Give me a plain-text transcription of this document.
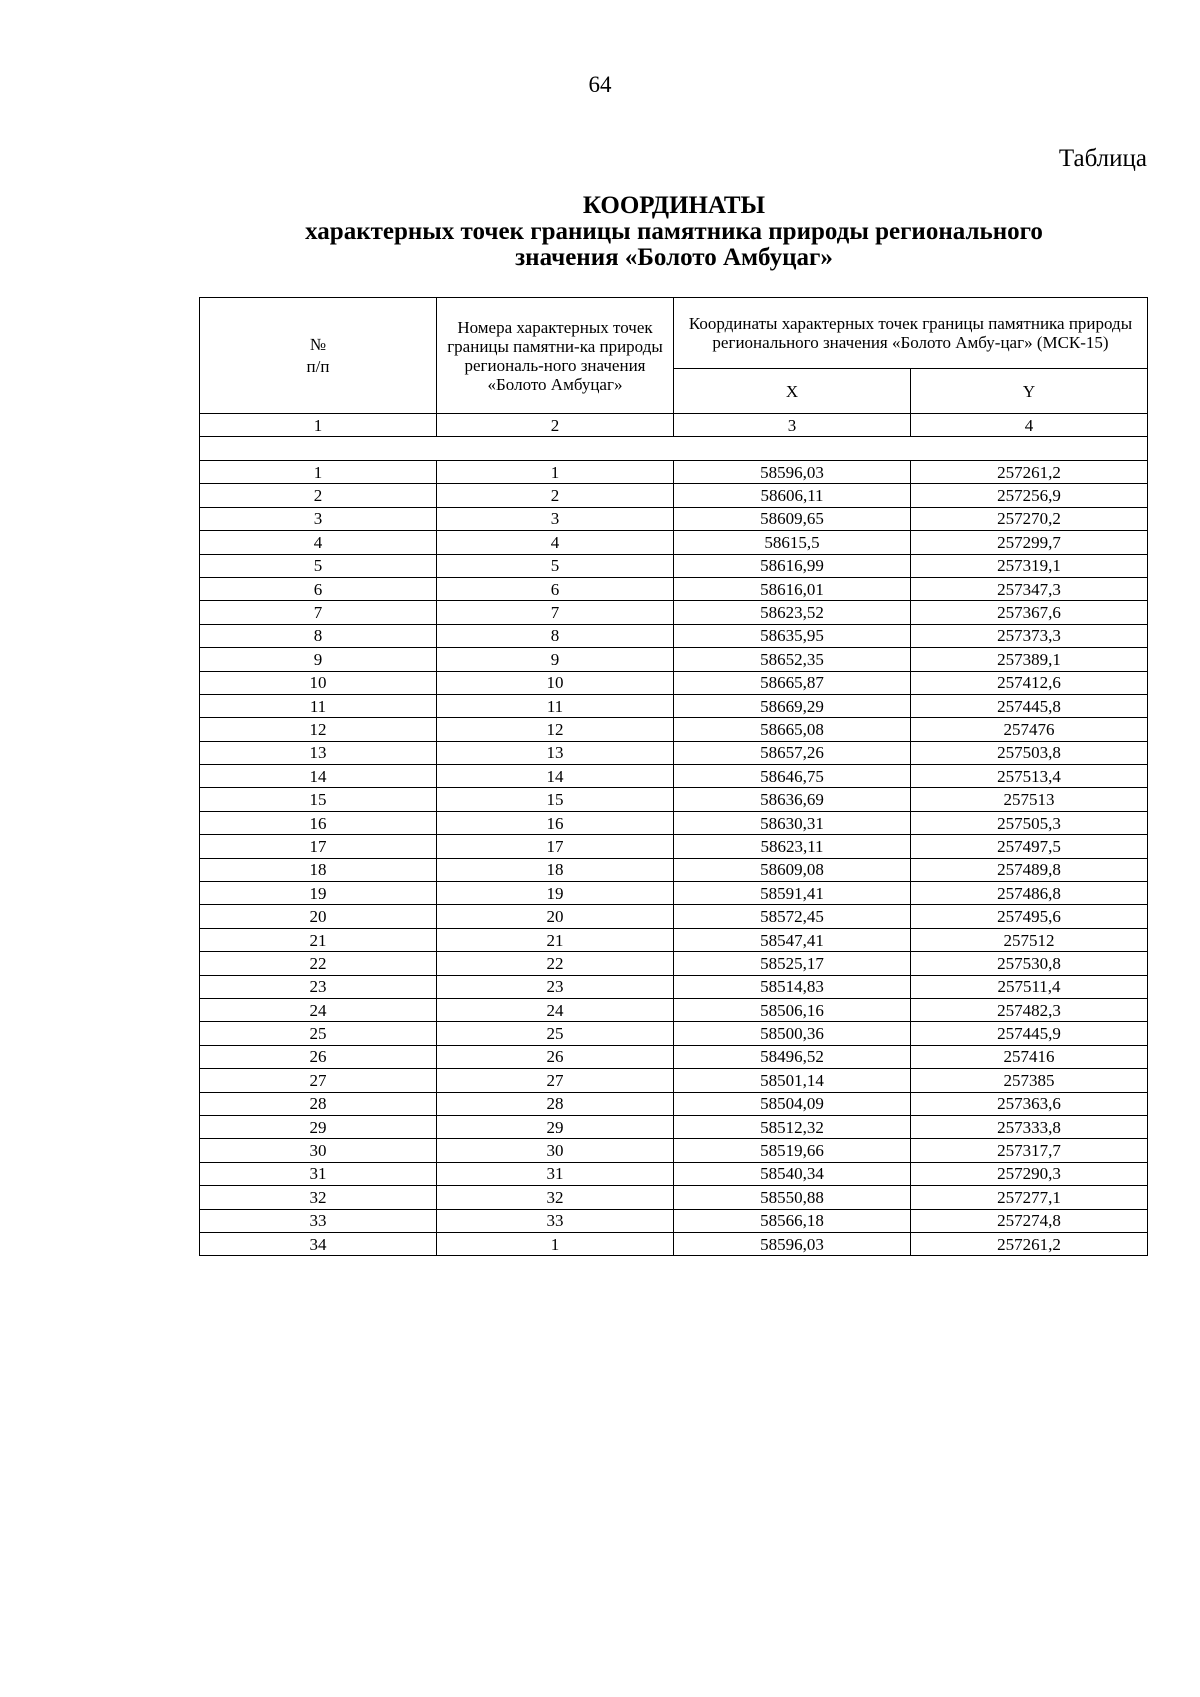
64
Таблица
КООРДИНАТЫ
характерных точек границы памятника природы регионального
значения «Болото Амбуцаг»
№
п/п	Номера характерных точек границы памятни-ка природы региональ-ного значения «Болото Амбуцаг»	Координаты характерных точек границы памятника природы регионального значения «Болото Амбу-цаг» (МСК-15)	
		X	Y
1	2	3	4

1	1	58596,03	257261,2
2	2	58606,11	257256,9
3	3	58609,65	257270,2
4	4	58615,5	257299,7
5	5	58616,99	257319,1
6	6	58616,01	257347,3
7	7	58623,52	257367,6
8	8	58635,95	257373,3
9	9	58652,35	257389,1
10	10	58665,87	257412,6
11	11	58669,29	257445,8
12	12	58665,08	257476
13	13	58657,26	257503,8
14	14	58646,75	257513,4
15	15	58636,69	257513
16	16	58630,31	257505,3
17	17	58623,11	257497,5
18	18	58609,08	257489,8
19	19	58591,41	257486,8
20	20	58572,45	257495,6
21	21	58547,41	257512
22	22	58525,17	257530,8
23	23	58514,83	257511,4
24	24	58506,16	257482,3
25	25	58500,36	257445,9
26	26	58496,52	257416
27	27	58501,14	257385
28	28	58504,09	257363,6
29	29	58512,32	257333,8
30	30	58519,66	257317,7
31	31	58540,34	257290,3
32	32	58550,88	257277,1
33	33	58566,18	257274,8
34	1	58596,03	257261,2
